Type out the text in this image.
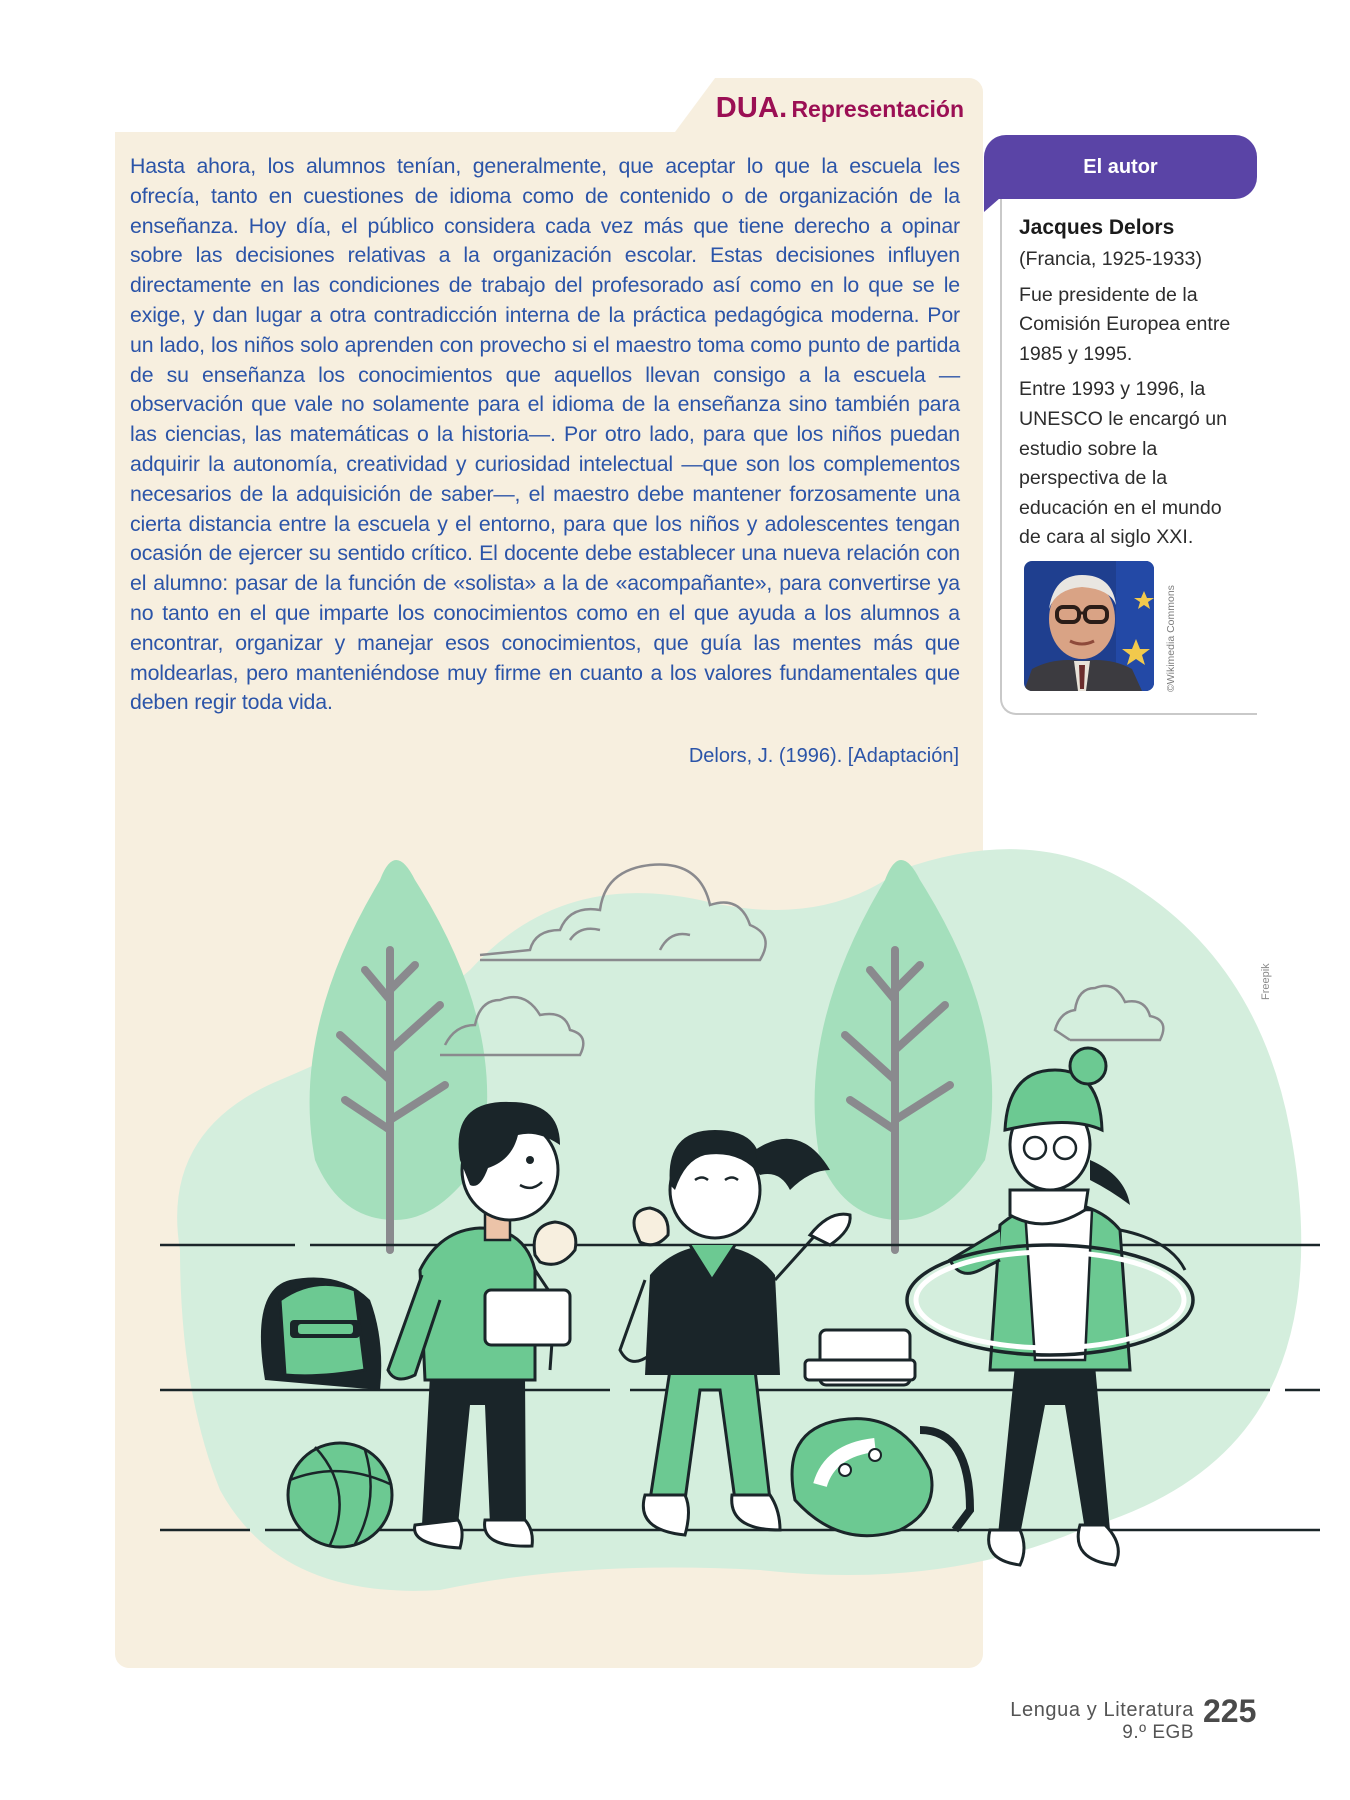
DUA. Representación

Hasta ahora, los alumnos tenían, generalmente, que aceptar lo que la escuela les ofrecía, tanto en cuestiones de idioma como de contenido o de organización de la enseñanza. Hoy día, el público considera cada vez más que tiene derecho a opinar sobre las decisiones relativas a la organización escolar. Estas decisiones influyen directamente en las condiciones de trabajo del profesorado así como en lo que se le exige, y dan lugar a otra contradicción interna de la práctica pedagógica moderna. Por un lado, los niños solo aprenden con provecho si el maestro toma como punto de partida de su enseñanza los conocimientos que aquellos llevan consigo a la escuela —observación que vale no solamente para el idioma de la enseñanza sino también para las ciencias, las matemáticas o la historia—. Por otro lado, para que los niños puedan adquirir la autonomía, creatividad y curiosidad intelectual —que son los complementos necesarios de la adquisición de saber—, el maestro debe mantener forzosamente una cierta distancia entre la escuela y el entorno, para que los niños y adolescentes tengan ocasión de ejercer su sentido crítico. El docente debe establecer una nueva relación con el alumno: pasar de la función de «solista» a la de «acompañante», para convertirse ya no tanto en el que imparte los conocimientos como en el que ayuda a los alumnos a encontrar, organizar y manejar esos conocimientos, que guía las mentes más que moldearlas, pero manteniéndose muy firme en cuanto a los valores fundamentales que deben regir toda vida.

Delors, J. (1996). [Adaptación]
El autor
Jacques Delors

(Francia, 1925-1933)

Fue presidente de la Comisión Europea entre 1985 y 1995.

Entre 1993 y 1996, la UNESCO le encargó un estudio sobre la perspectiva de la educación en el mundo de cara al siglo XXI.

©Wikimedia Commons
Freepik
Lengua y Literatura
9.º EGB
225
